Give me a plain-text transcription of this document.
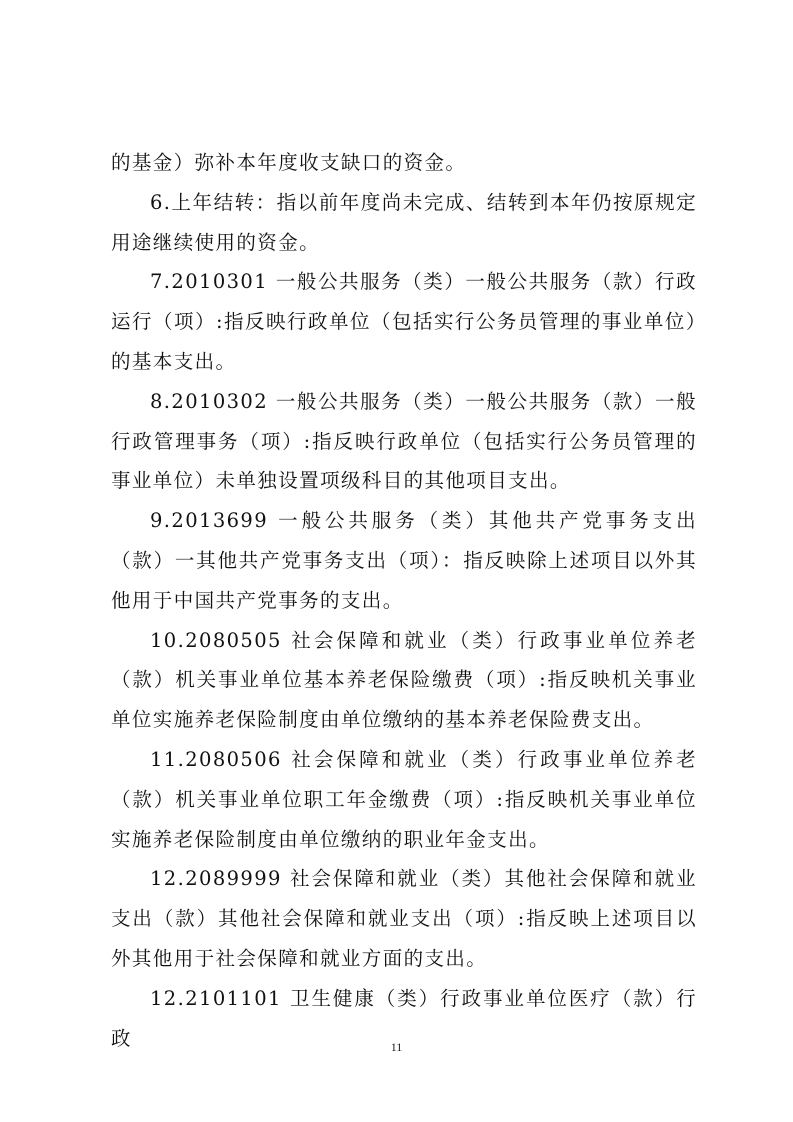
的基金）弥补本年度收支缺口的资金。

6.上年结转：指以前年度尚未完成、结转到本年仍按原规定用途继续使用的资金。

7.2010301 一般公共服务（类）一般公共服务（款）行政运行（项）:指反映行政单位（包括实行公务员管理的事业单位）的基本支出。

8.2010302 一般公共服务（类）一般公共服务（款）一般行政管理事务（项）:指反映行政单位（包括实行公务员管理的事业单位）未单独设置项级科目的其他项目支出。

9.2013699 一般公共服务（类）其他共产党事务支出（款）一其他共产党事务支出（项）：指反映除上述项目以外其他用于中国共产党事务的支出。

10.2080505 社会保障和就业（类）行政事业单位养老（款）机关事业单位基本养老保险缴费（项）:指反映机关事业单位实施养老保险制度由单位缴纳的基本养老保险费支出。

11.2080506 社会保障和就业（类）行政事业单位养老（款）机关事业单位职工年金缴费（项）:指反映机关事业单位实施养老保险制度由单位缴纳的职业年金支出。

12.2089999 社会保障和就业（类）其他社会保障和就业支出（款）其他社会保障和就业支出（项）:指反映上述项目以外其他用于社会保障和就业方面的支出。

12.2101101 卫生健康（类）行政事业单位医疗（款）行政	11
